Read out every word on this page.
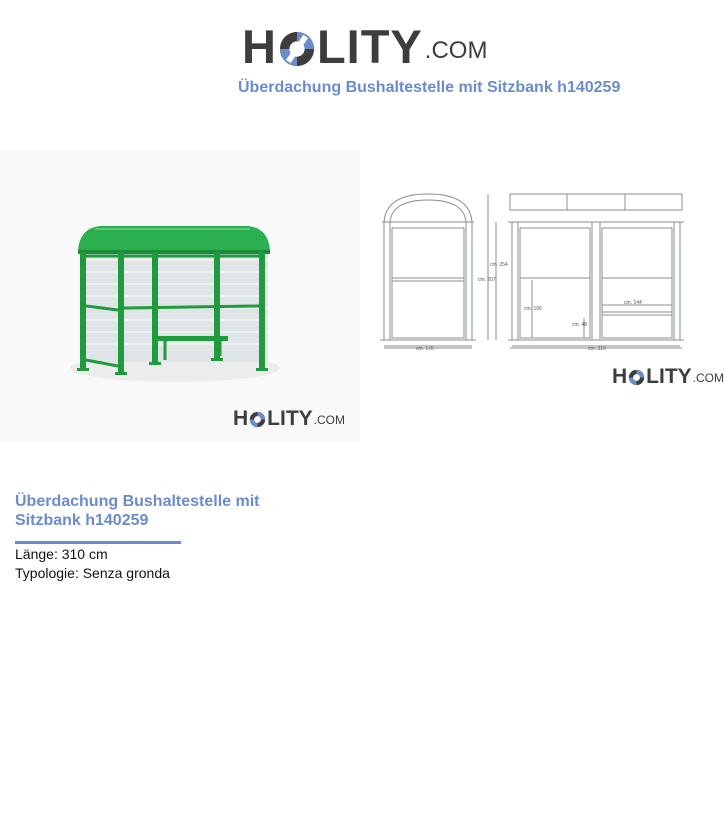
H LITY .COM
Überdachung Bushaltestelle mit Sitzbank h140259
H LITY .COM
cm. 254
cm. 207
cm. 176
cm. 105
cm. 48
cm. 144
cm. 310
H LITY .COM
Überdachung Bushaltestelle mit Sitzbank h140259
Länge: 310 cm
Typologie: Senza gronda
